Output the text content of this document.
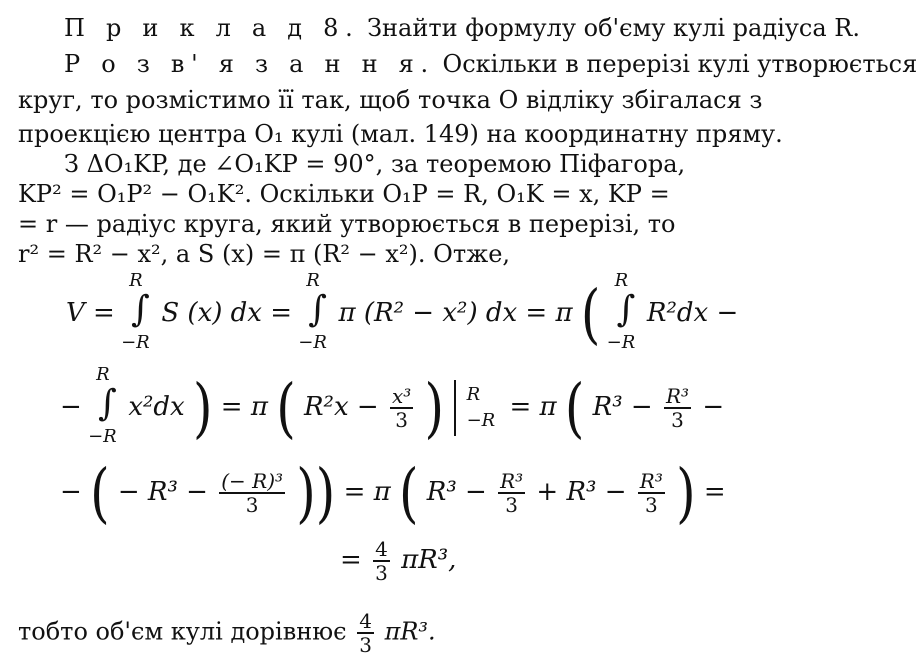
П р и к л а д 8. Знайти формулу об'єму кулі радіуса R.
Р о з в' я з а н н я. Оскільки в перерізі кулі утворюється
круг, то розмістимо її так, щоб точка O відліку збігалася з
проекцією центра O₁ кулі (мал. 149) на координатну пряму.
З ΔO₁KP, де ∠O₁KP = 90°, за теоремою Піфагора,
KP² = O₁P² − O₁K². Оскільки O₁P = R, O₁K = x, KP =
= r — радіус круга, який утворюється в перерізі, то
r² = R² − x², а S (x) = π (R² − x²). Отже,
V =
R
∫
−R
S (x) dx =
R
∫
−R
π (R² − x²) dx = π ( R
∫
−R
R²dx −
−
R
∫
−R
x²dx ) = π ( $R^2x - \frac{\text{x³}}{3}$ ) R
−R = π ( $R^3 - \frac{\text{R³}}{3}$ −
− ( − $R^3 - \frac{\text{(− R)³}}{3}$ )) = π ( $R^3 - \frac{\text{R³}}{3} + R^3 - \frac{\text{R³}}{3}$ ) =
= $\frac{4}{3} \pi R^3$,
тобто об'єм кулі дорівнює $\frac{4}{3} \pi R^3$.
